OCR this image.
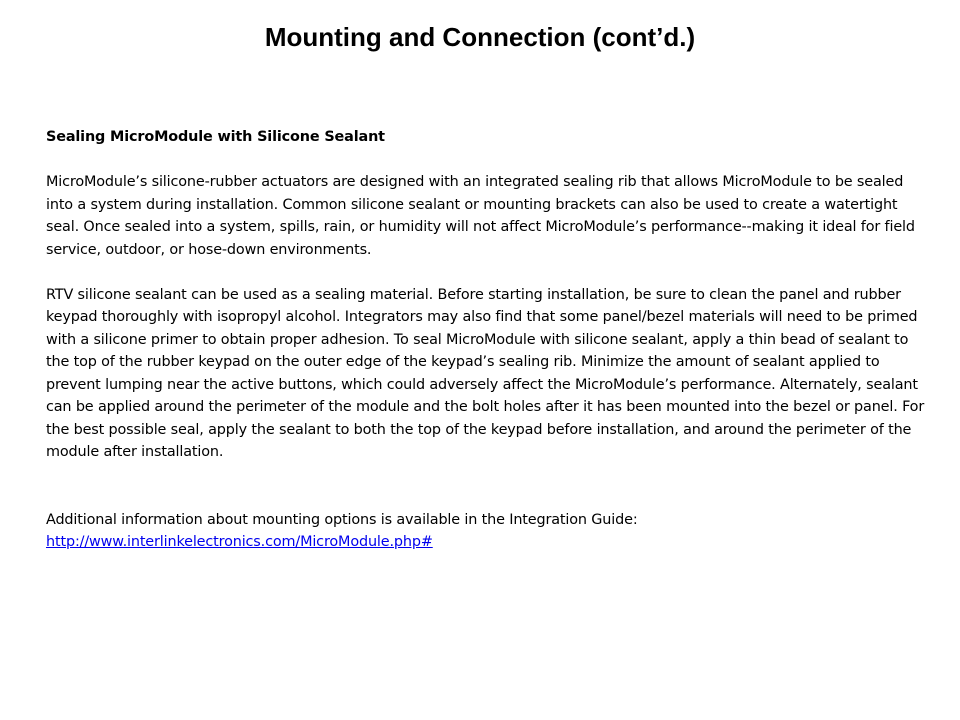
Mounting and Connection (cont’d.)

Sealing MicroModule with Silicone Sealant

MicroModule’s silicone-rubber actuators are designed with an integrated sealing rib that allows MicroModule to be sealed into a system during installation. Common silicone sealant or mounting brackets can also be used to create a watertight seal. Once sealed into a system, spills, rain, or humidity will not affect MicroModule’s performance--making it ideal for field service, outdoor, or hose-down environments.

RTV silicone sealant can be used as a sealing material. Before starting installation, be sure to clean the panel and rubber keypad thoroughly with isopropyl alcohol. Integrators may also find that some panel/bezel materials will need to be primed with a silicone primer to obtain proper adhesion. To seal MicroModule with silicone sealant, apply a thin bead of sealant to the top of the rubber keypad on the outer edge of the keypad’s sealing rib. Minimize the amount of sealant applied to prevent lumping near the active buttons, which could adversely affect the MicroModule’s performance. Alternately, sealant can be applied around the perimeter of the module and the bolt holes after it has been mounted into the bezel or panel. For the best possible seal, apply the sealant to both the top of the keypad before installation, and around the perimeter of the module after installation.

Additional information about mounting options is available in the Integration Guide:

http://www.interlinkelectronics.com/MicroModule.php#
